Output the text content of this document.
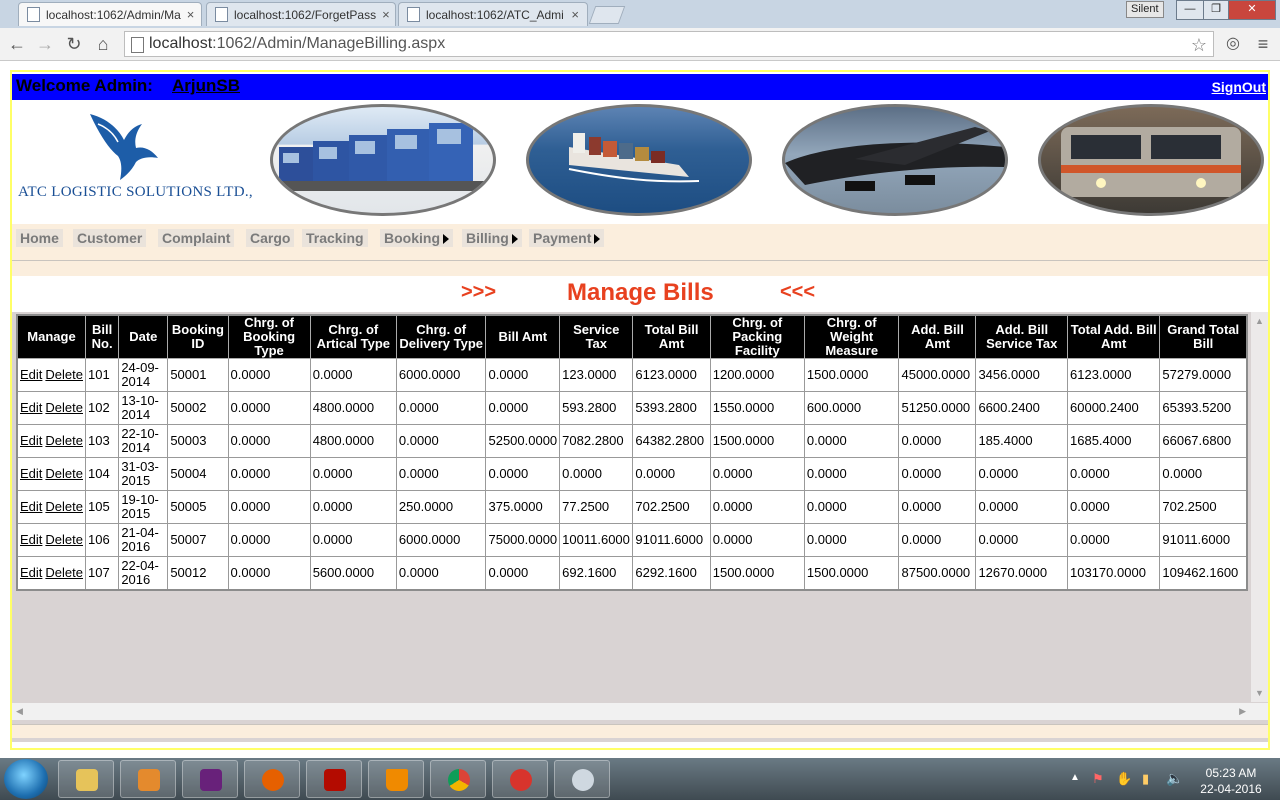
localhost:1062/Admin/Ma ×	localhost:1062/ForgetPass ×	localhost:1062/ATC_Admi ×	Silent	—	❐	✕
← → ↻ ⌂	localhost:1062/Admin/ManageBilling.aspx	☆ ◎ ≡
Welcome Admin: ArjunSB	SignOut
ATC LOGISTIC SOLUTIONS LTD.,
Home Customer Complaint Cargo Tracking Booking	Billing	Payment
>>>	Manage Bills	<<<
Manage	Bill No.	Date	Booking ID	Chrg. of Booking Type	Chrg. of Artical Type	Chrg. of Delivery Type	Bill Amt	Service Tax	Total Bill Amt	Chrg. of Packing Facility	Chrg. of Weight Measure	Add. Bill Amt	Add. Bill Service Tax	Total Add. Bill Amt	Grand Total Bill
Edit Delete	101	24-09-2014	50001	0.0000	0.0000	6000.0000	0.0000	123.0000	6123.0000	1200.0000	1500.0000	45000.0000	3456.0000	6123.0000	57279.0000
Edit Delete	102	13-10-2014	50002	0.0000	4800.0000	0.0000	0.0000	593.2800	5393.2800	1550.0000	600.0000	51250.0000	6600.2400	60000.2400	65393.5200
Edit Delete	103	22-10-2014	50003	0.0000	4800.0000	0.0000	52500.0000	7082.2800	64382.2800	1500.0000	0.0000	0.0000	185.4000	1685.4000	66067.6800
Edit Delete	104	31-03-2015	50004	0.0000	0.0000	0.0000	0.0000	0.0000	0.0000	0.0000	0.0000	0.0000	0.0000	0.0000	0.0000
Edit Delete	105	19-10-2015	50005	0.0000	0.0000	250.0000	375.0000	77.2500	702.2500	0.0000	0.0000	0.0000	0.0000	0.0000	702.2500
Edit Delete	106	21-04-2016	50007	0.0000	0.0000	6000.0000	75000.0000	10011.6000	91011.6000	0.0000	0.0000	0.0000	0.0000	0.0000	91011.6000
Edit Delete	107	22-04-2016	50012	0.0000	5600.0000	0.0000	0.0000	692.1600	6292.1600	1500.0000	1500.0000	87500.0000	12670.0000	103170.0000	109462.1600
▲
▼
◀	▶
▲ ⚑ ✋ ▮ 🔈	05:23 AM
22-04-2016
